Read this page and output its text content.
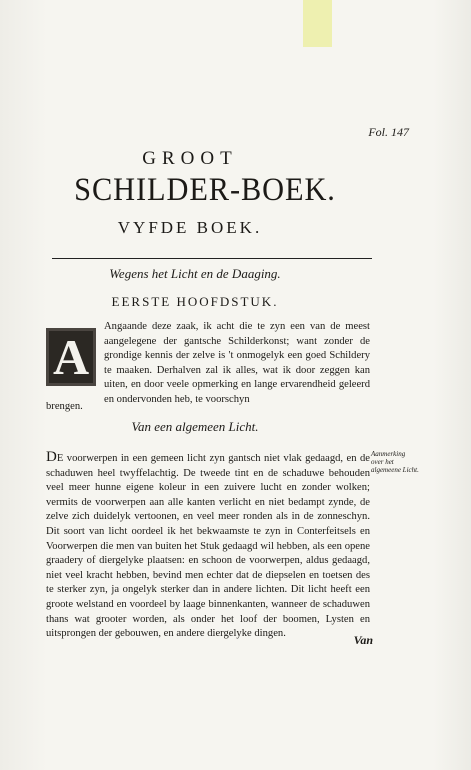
Fol. 147
GROOT
SCHILDER-BOEK.
VYFDE BOEK.
Wegens het Licht en de Daaging.
EERSTE HOOFDSTUK.
A
Angaande deze zaak, ik acht die te zyn een van de meest aangelegene der gantsche Schilderkonst; want zonder de grondige kennis der zelve is 't onmogelyk een goed Schildery te maaken. Derhalven zal ik alles, wat ik door zeggen kan uiten, en door veele opmerking en lange ervarendheid geleerd en ondervonden heb, te voorschyn
brengen.
Van een algemeen Licht.
DE voorwerpen in een gemeen licht zyn gantsch niet vlak gedaagd, en de schaduwen heel twyffelachtig. De tweede tint en de schaduwe behouden veel meer hunne eigene koleur in een zuivere lucht en zonder wolken; vermits de voorwerpen aan alle kanten verlicht en niet bedampt zynde, de zelve zich duidelyk vertoonen, en veel meer ronden als in de zonneschyn. Dit soort van licht oordeel ik het bekwaamste te zyn in Conterfeitsels en Voorwerpen die men van buiten het Stuk gedaagd wil hebben, als een opene graadery of diergelyke plaatsen: en schoon de voorwerpen, aldus gedaagd, niet veel kracht hebben, bevind men echter dat de diepselen en toetsen des te sterker zyn, ja ongelyk sterker dan in andere lichten. Dit licht heeft een groote welstand en voordeel by laage binnenkanten, wanneer de schaduwen thans wat grooter worden, als onder het loof der boomen, Lysten en uitsprongen der gebouwen, en andere diergelyke dingen.
Aanmerking over het algemeene Licht.
Van
